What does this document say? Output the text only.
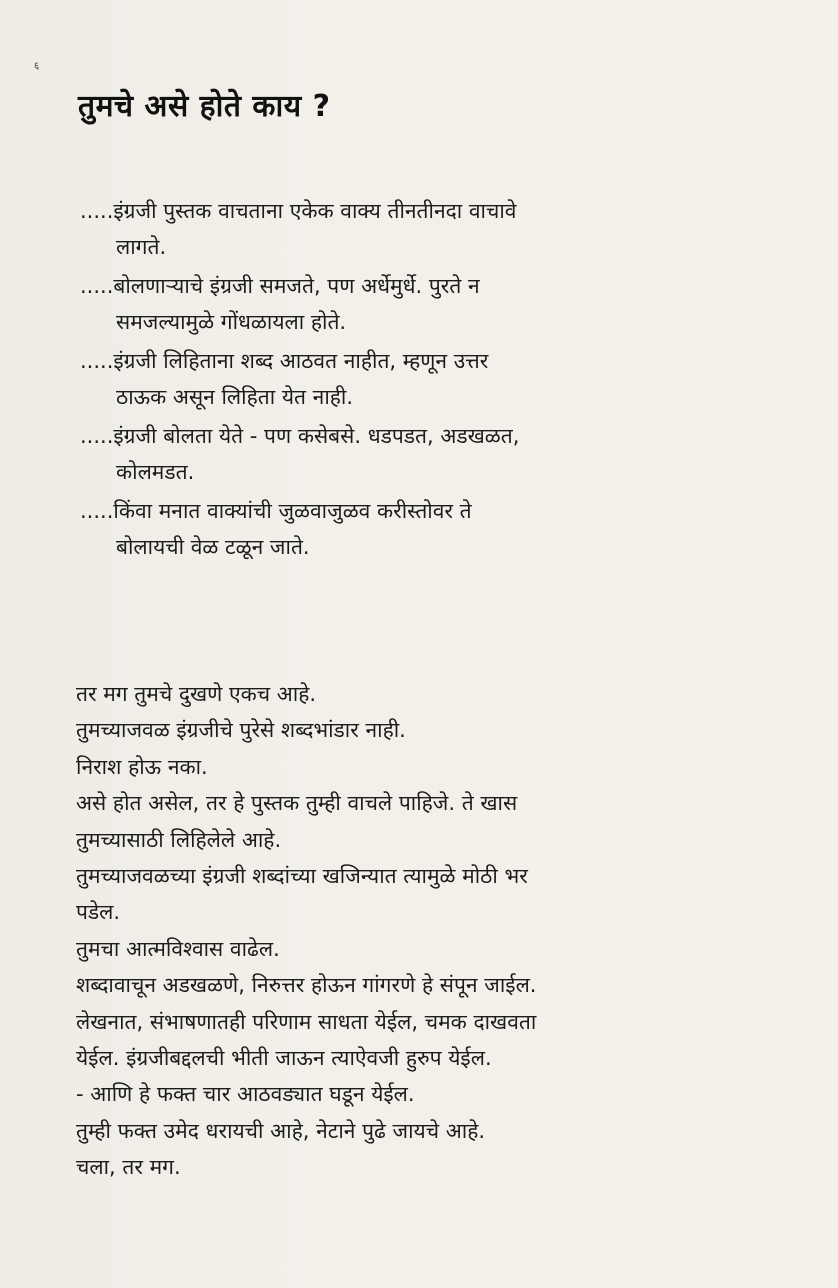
६
तुमचे असे होते काय ?
.....इंग्रजी पुस्तक वाचताना एकेक वाक्य तीनतीनदा वाचावे
लागते.
.....बोलणाऱ्याचे इंग्रजी समजते, पण अर्धेमुर्धे. पुरते न
समजल्यामुळे गोंधळायला होते.
.....इंग्रजी लिहिताना शब्द आठवत नाहीत, म्हणून उत्तर
ठाऊक असून लिहिता येत नाही.
.....इंग्रजी बोलता येते - पण कसेबसे. धडपडत, अडखळत,
कोलमडत.
.....किंवा मनात वाक्यांची जुळवाजुळव करीस्तोवर ते
बोलायची वेळ टळून जाते.

तर मग तुमचे दुखणे एकच आहे.

तुमच्याजवळ इंग्रजीचे पुरेसे शब्दभांडार नाही.

निराश होऊ नका.

असे होत असेल, तर हे पुस्तक तुम्ही वाचले पाहिजे. ते खास

तुमच्यासाठी लिहिलेले आहे.

तुमच्याजवळच्या इंग्रजी शब्दांच्या खजिन्यात त्यामुळे मोठी भर

पडेल.

तुमचा आत्मविश्वास वाढेल.

शब्दावाचून अडखळणे, निरुत्तर होऊन गांगरणे हे संपून जाईल.

लेखनात, संभाषणातही परिणाम साधता येईल, चमक दाखवता

येईल. इंग्रजीबद्दलची भीती जाऊन त्याऐवजी हुरुप येईल.

- आणि हे फक्त चार आठवड्यात घडून येईल.

तुम्ही फक्त उमेद धरायची आहे, नेटाने पुढे जायचे आहे.

चला, तर मग.
